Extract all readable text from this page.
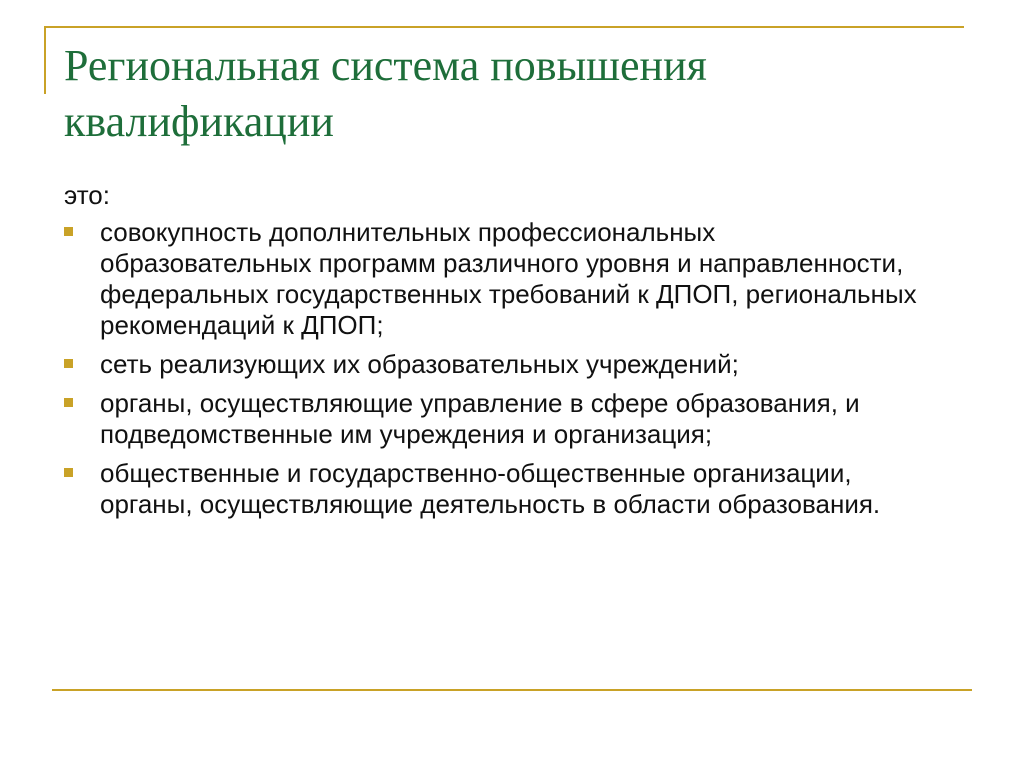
Региональная система повышения квалификации

это:

совокупность дополнительных профессиональных образовательных программ различного уровня и направленности, федеральных государственных требований к ДПОП, региональных рекомендаций к ДПОП;
сеть реализующих их образовательных учреждений;
органы, осуществляющие управление в сфере образования, и подведомственные им учреждения и организация;
общественные и государственно-общественные организации, органы, осуществляющие деятельность в области образования.
